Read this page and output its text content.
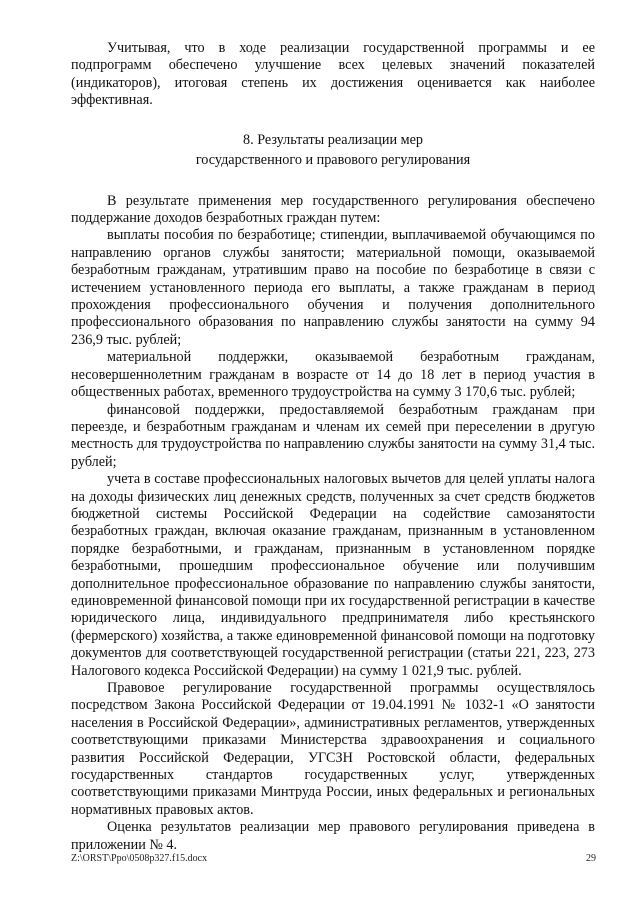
Учитывая, что в ходе реализации государственной программы и ее подпрограмм обеспечено улучшение всех целевых значений показателей (индикаторов), итоговая степень их достижения оценивается как наиболее эффективная.

8. Результаты реализации мер
государственного и правового регулирования

В результате применения мер государственного регулирования обеспечено поддержание доходов безработных граждан путем:

выплаты пособия по безработице; стипендии, выплачиваемой обучающимся по направлению органов службы занятости; материальной помощи, оказываемой безработным гражданам, утратившим право на пособие по безработице в связи с истечением установленного периода его выплаты, а также гражданам в период прохождения профессионального обучения и получения дополнительного профессионального образования по направлению службы занятости на сумму 94 236,9 тыс. рублей;

материальной поддержки, оказываемой безработным гражданам, несовершеннолетним гражданам в возрасте от 14 до 18 лет в период участия в общественных работах, временного трудоустройства на сумму 3 170,6 тыс. рублей;

финансовой поддержки, предоставляемой безработным гражданам при переезде, и безработным гражданам и членам их семей при переселении в другую местность для трудоустройства по направлению службы занятости на сумму 31,4 тыс. рублей;

учета в составе профессиональных налоговых вычетов для целей уплаты налога на доходы физических лиц денежных средств, полученных за счет средств бюджетов бюджетной системы Российской Федерации на содействие самозанятости безработных граждан, включая оказание гражданам, признанным в установленном порядке безработными, и гражданам, признанным в установленном порядке безработными, прошедшим профессиональное обучение или получившим дополнительное профессиональное образование по направлению службы занятости, единовременной финансовой помощи при их государственной регистрации в качестве юридического лица, индивидуального предпринимателя либо крестьянского (фермерского) хозяйства, а также единовременной финансовой помощи на подготовку документов для соответствующей государственной регистрации (статьи 221, 223, 273 Налогового кодекса Российской Федерации) на сумму 1 021,9 тыс. рублей.

Правовое регулирование государственной программы осуществлялось посредством Закона Российской Федерации от 19.04.1991 № 1032-1 «О занятости населения в Российской Федерации», административных регламентов, утвержденных соответствующими приказами Министерства здравоохранения и социального развития Российской Федерации, УГСЗН Ростовской области, федеральных государственных стандартов государственных услуг, утвержденных соответствующими приказами Минтруда России, иных федеральных и региональных нормативных правовых актов.

Оценка результатов реализации мер правового регулирования приведена в приложении № 4.

Z:\ORST\Ppo\0508p327.f15.docx	29
